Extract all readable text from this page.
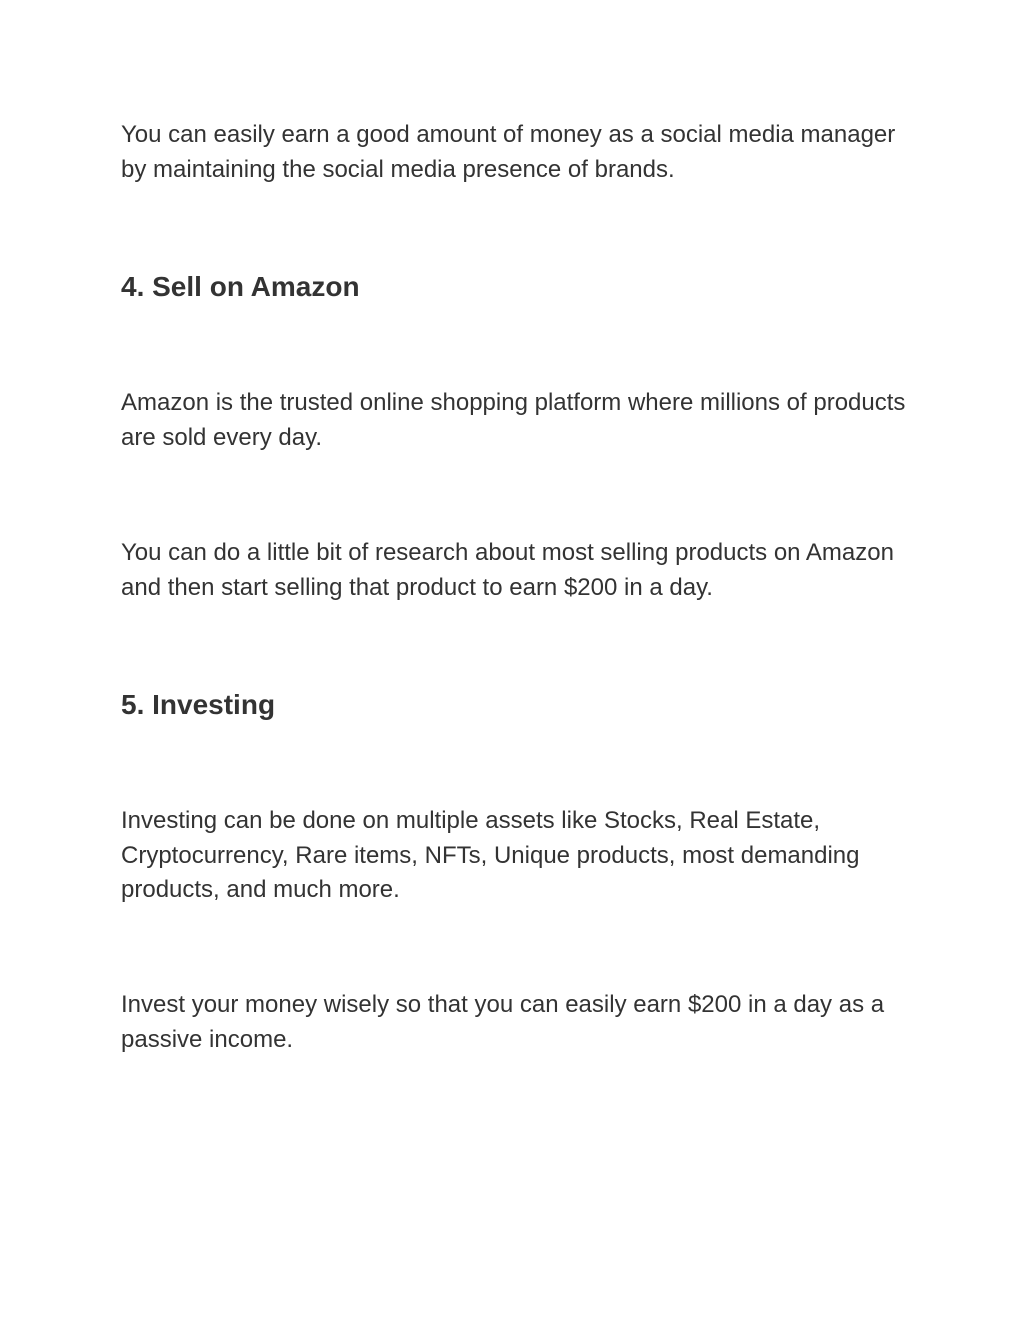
You can easily earn a good amount of money as a social media manager by maintaining the social media presence of brands.

4. Sell on Amazon

Amazon is the trusted online shopping platform where millions of products are sold every day.

You can do a little bit of research about most selling products on Amazon and then start selling that product to earn $200 in a day.

5. Investing

Investing can be done on multiple assets like Stocks, Real Estate, Cryptocurrency, Rare items, NFTs, Unique products, most demanding products, and much more.

Invest your money wisely so that you can easily earn $200 in a day as a passive income.
